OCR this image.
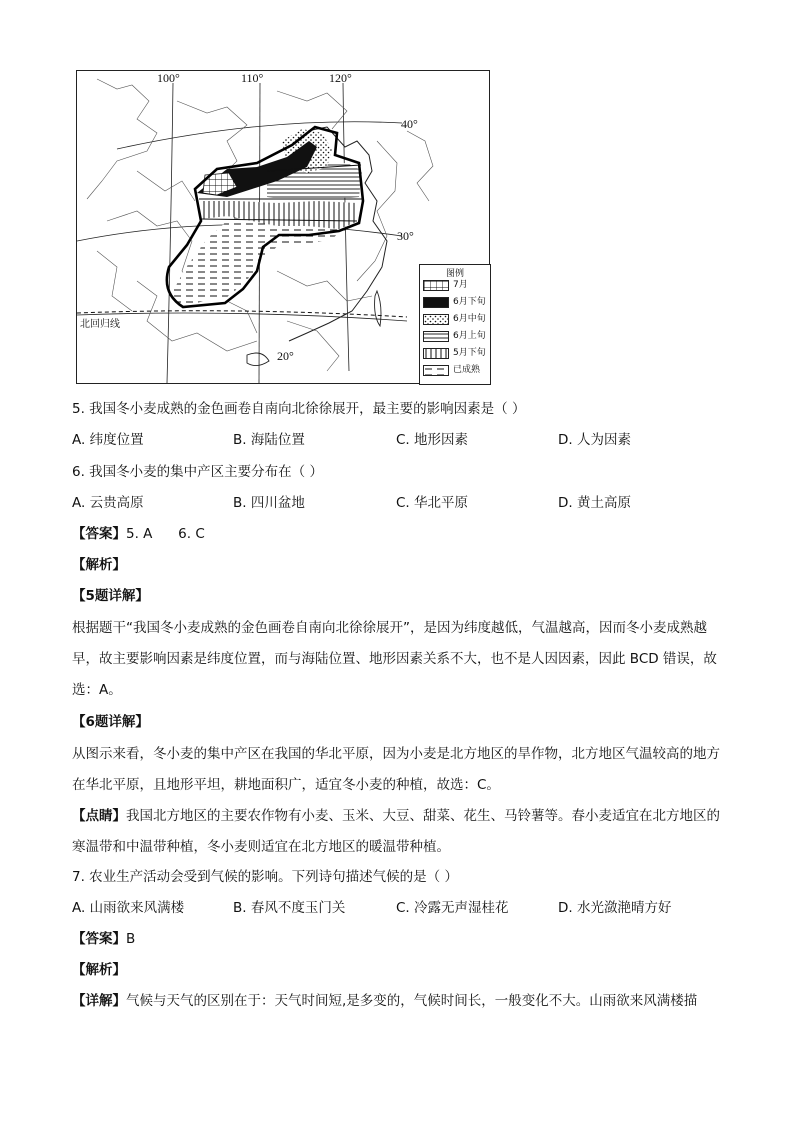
100°	110°	120°
40°
30°
20°
北回归线
图例
7月
6月下旬
6月中旬
6月上旬
5月下旬
已成熟
5. 我国冬小麦成熟的金色画卷自南向北徐徐展开，最主要的影响因素是（ ）
A. 纬度位置	B. 海陆位置	C. 地形因素	D. 人为因素
6. 我国冬小麦的集中产区主要分布在（ ）
A. 云贵高原	B. 四川盆地	C. 华北平原	D. 黄土高原
【答案】5. A      6. C
【解析】
【5题详解】
根据题干“我国冬小麦成熟的金色画卷自南向北徐徐展开”，是因为纬度越低，气温越高，因而冬小麦成熟越早，故主要影响因素是纬度位置，而与海陆位置、地形因素关系不大，也不是人因因素，因此 BCD 错误，故选：A。
【6题详解】
从图示来看，冬小麦的集中产区在我国的华北平原，因为小麦是北方地区的旱作物，北方地区气温较高的地方在华北平原，且地形平坦，耕地面积广，适宜冬小麦的种植，故选：C。
【点睛】我国北方地区的主要农作物有小麦、玉米、大豆、甜菜、花生、马铃薯等。春小麦适宜在北方地区的寒温带和中温带种植，冬小麦则适宜在北方地区的暖温带种植。
7. 农业生产活动会受到气候的影响。下列诗句描述气候的是（ ）
A. 山雨欲来风满楼	B. 春风不度玉门关	C. 冷露无声湿桂花	D. 水光潋滟晴方好
【答案】B
【解析】
【详解】气候与天气的区别在于：天气时间短,是多变的，气候时间长，一般变化不大。山雨欲来风满楼描
